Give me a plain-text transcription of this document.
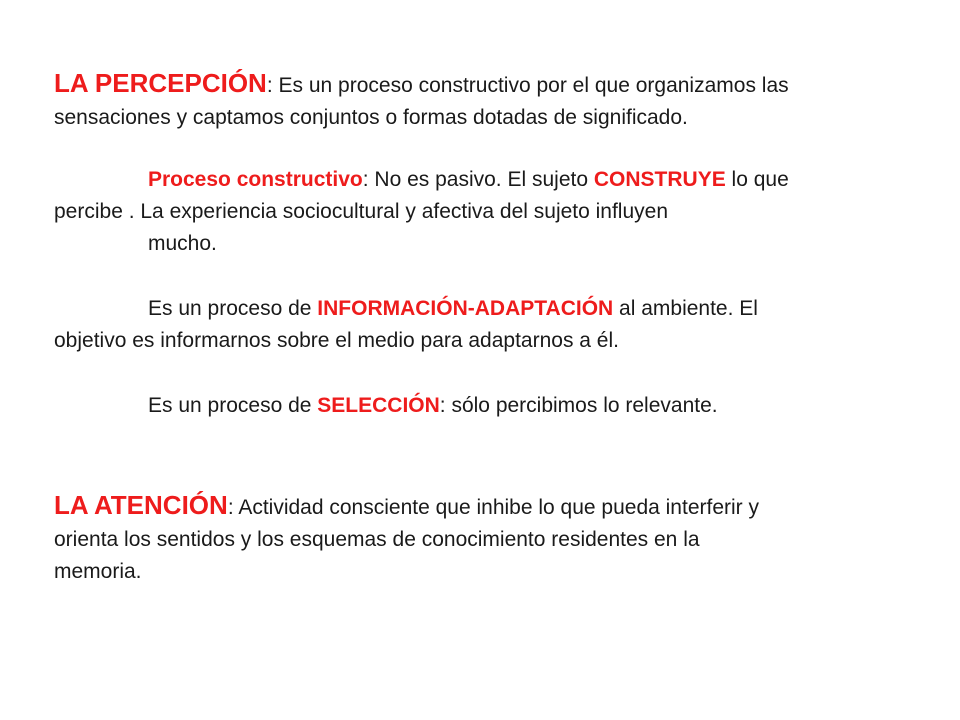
LA PERCEPCIÓN: Es un proceso constructivo por el que organizamos las
sensaciones y captamos conjuntos o formas dotadas de significado.
Proceso constructivo: No es pasivo. El sujeto CONSTRUYE lo que
percibe . La experiencia sociocultural y afectiva del sujeto influyen
mucho.
Es un proceso de INFORMACIÓN-ADAPTACIÓN al ambiente. El
objetivo es informarnos sobre el medio para adaptarnos a él.
Es un proceso de SELECCIÓN: sólo percibimos lo relevante.
LA ATENCIÓN: Actividad consciente que inhibe lo que pueda interferir y
orienta los sentidos y los esquemas de conocimiento residentes en la
memoria.
